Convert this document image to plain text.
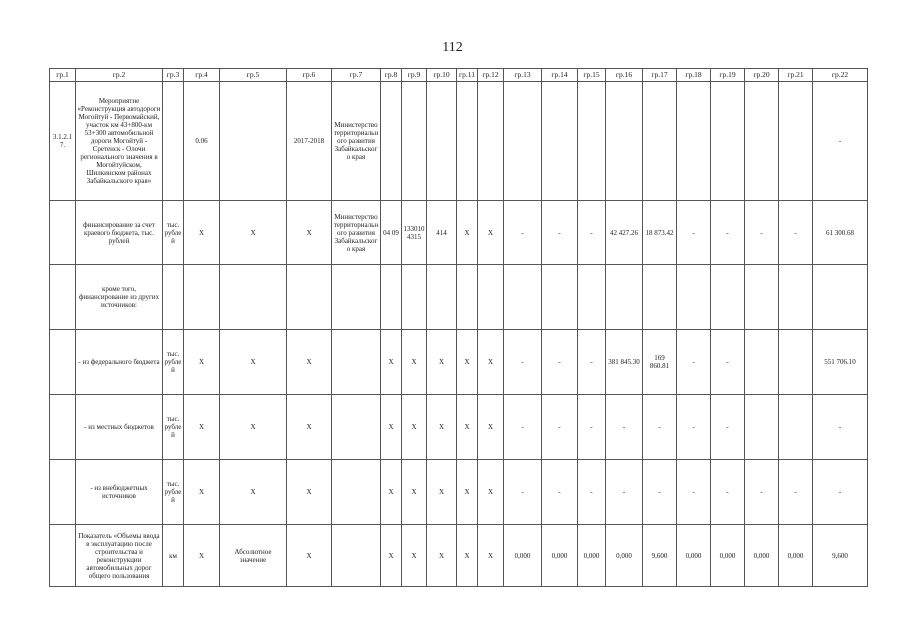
112
гр.1	гр.2	гр.3	гр.4	гр.5	гр.6	гр.7	гр.8	гр.9	гр.10	гр.11	гр.12	гр.13	гр.14	гр.15	гр.16	гр.17	гр.18	гр.19	гр.20	гр.21	гр.22
3.1.2.1 7.	Мероприятие «Реконструкция автодороги Могойтуй - Первомайский, участок км 43+800-км 53+300 автомобильной дороги Могойтуй - Сретенск - Олочи регионального значения в Могойтуйском, Шилкинском районах Забайкальского края»		0.06		2017-2018	Министерство территориального развития Забайкальского края															-
	финансирование за счет краевого бюджета, тыс. рублей	тыс. рублей	Х	Х	Х	Министерство территориального развития Забайкальского края	04 09	133010 4315	414	Х	Х	-	-	-	42 427.26	18 873.42	-	-	-	-	61 300.68
	кроме того, финансирование из других источников:																				
	- из федерального бюджета	тыс. рублей	Х	Х	Х		Х	Х	Х	Х	Х	-	-	-	381 845.30	169 860.81	-	-			551 706.10
	- из местных бюджетов	тыс. рублей	Х	Х	Х		Х	Х	Х	Х	Х	-	-	-	-	-	-	-			-
	- из внебюджетных источников	тыс. рублей	Х	Х	Х		Х	Х	Х	Х	Х	-	-	-	-	-	-	-	-	-	-
	Показатель «Объемы ввода в эксплуатацию после строительства и реконструкции автомобильных дорог общего пользования	км	Х	Абсолютное значение	Х		Х	Х	Х	Х	Х	0,000	0,000	0,000	0,000	9,600	0,000	0,000	0,000	0,000	9,600
